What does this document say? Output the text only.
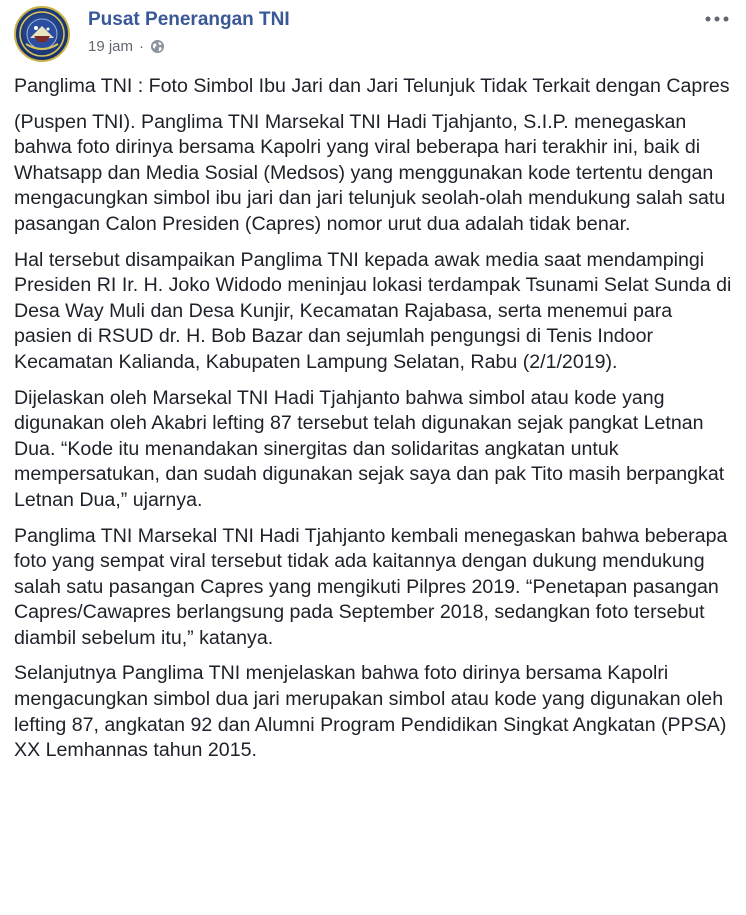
Pusat Penerangan TNI
19 jam ·

Panglima TNI : Foto Simbol Ibu Jari dan Jari Telunjuk Tidak Terkait dengan Capres

(Puspen TNI). Panglima TNI Marsekal TNI Hadi Tjahjanto, S.I.P. menegaskan bahwa foto dirinya bersama Kapolri yang viral beberapa hari terakhir ini, baik di Whatsapp dan Media Sosial (Medsos) yang menggunakan kode tertentu dengan mengacungkan simbol ibu jari dan jari telunjuk seolah-olah mendukung salah satu pasangan Calon Presiden (Capres) nomor urut dua adalah tidak benar.

Hal tersebut disampaikan Panglima TNI kepada awak media saat mendampingi Presiden RI Ir. H. Joko Widodo meninjau lokasi terdampak Tsunami Selat Sunda di Desa Way Muli dan Desa Kunjir, Kecamatan Rajabasa, serta menemui para pasien di RSUD dr. H. Bob Bazar dan sejumlah pengungsi di Tenis Indoor Kecamatan Kalianda, Kabupaten Lampung Selatan, Rabu (2/1/2019).

Dijelaskan oleh Marsekal TNI Hadi Tjahjanto bahwa simbol atau kode yang digunakan oleh Akabri lefting 87 tersebut telah digunakan sejak pangkat Letnan Dua. “Kode itu menandakan sinergitas dan solidaritas angkatan untuk mempersatukan, dan sudah digunakan sejak saya dan pak Tito masih berpangkat Letnan Dua,” ujarnya.

Panglima TNI Marsekal TNI Hadi Tjahjanto kembali menegaskan bahwa beberapa foto yang sempat viral tersebut tidak ada kaitannya dengan dukung mendukung salah satu pasangan Capres yang mengikuti Pilpres 2019. “Penetapan pasangan Capres/Cawapres berlangsung pada September 2018, sedangkan foto tersebut diambil sebelum itu,” katanya.

Selanjutnya Panglima TNI menjelaskan bahwa foto dirinya bersama Kapolri mengacungkan simbol dua jari merupakan simbol atau kode yang digunakan oleh lefting 87, angkatan 92 dan Alumni Program Pendidikan Singkat Angkatan (PPSA) XX Lemhannas tahun 2015.
